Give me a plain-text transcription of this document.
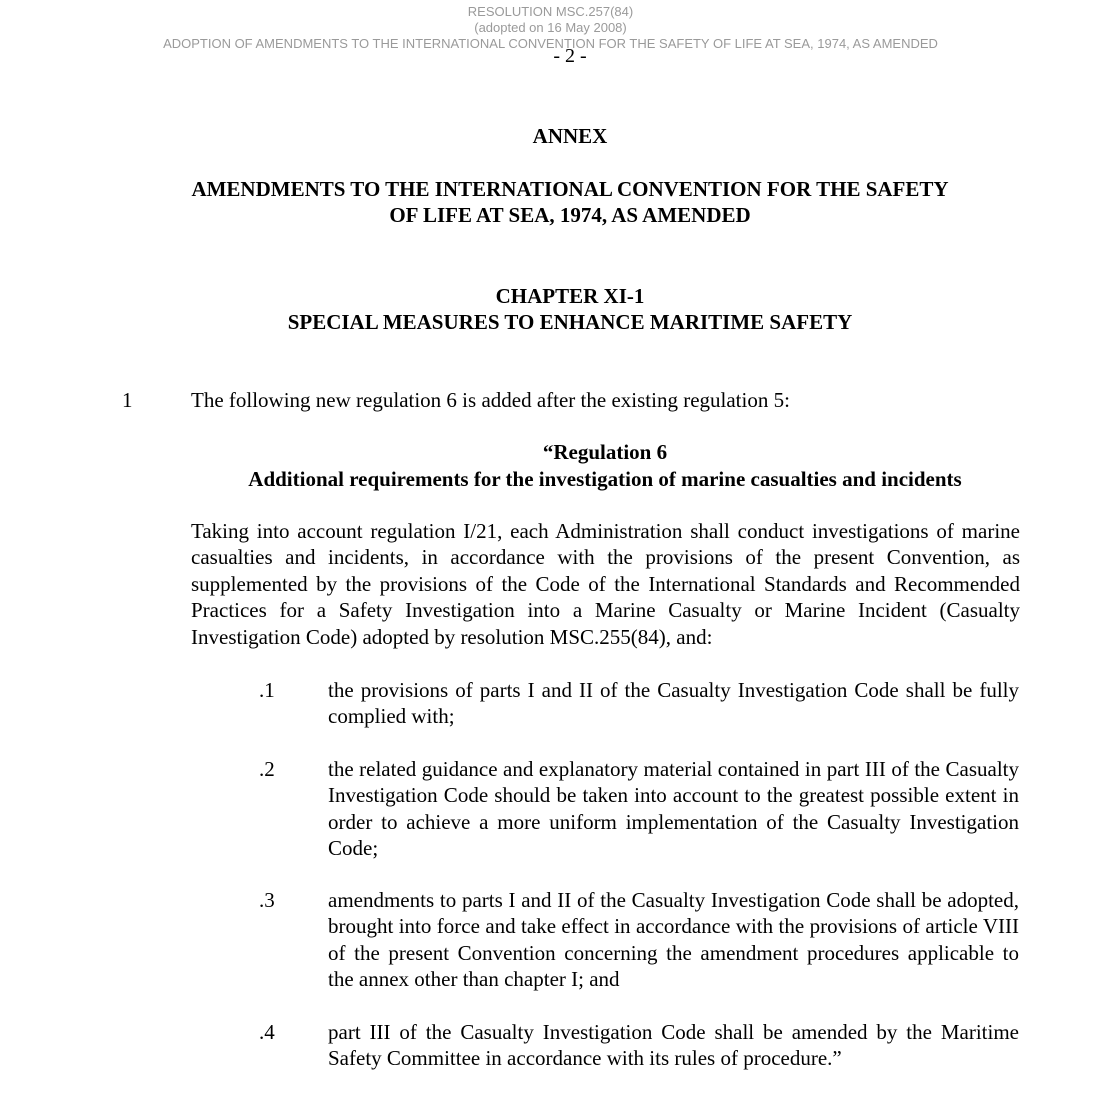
RESOLUTION MSC.257(84)
(adopted on 16 May 2008)
ADOPTION OF AMENDMENTS TO THE INTERNATIONAL CONVENTION FOR THE SAFETY OF LIFE AT SEA, 1974, AS AMENDED
- 2 -
ANNEX
AMENDMENTS TO THE INTERNATIONAL CONVENTION FOR THE SAFETY
OF LIFE AT SEA, 1974, AS AMENDED
CHAPTER XI-1
SPECIAL MEASURES TO ENHANCE MARITIME SAFETY
1	The following new regulation 6 is added after the existing regulation 5:
“Regulation 6
Additional requirements for the investigation of marine casualties and incidents
Taking into account regulation I/21, each Administration shall conduct investigations of marine casualties and incidents, in accordance with the provisions of the present Convention, as supplemented by the provisions of the Code of the International Standards and Recommended Practices for a Safety Investigation into a Marine Casualty or Marine Incident (Casualty Investigation Code) adopted by resolution MSC.255(84), and:
.1	the provisions of parts I and II of the Casualty Investigation Code shall be fully complied with;
.2	the related guidance and explanatory material contained in part III of the Casualty Investigation Code should be taken into account to the greatest possible extent in order to achieve a more uniform implementation of the Casualty Investigation Code;
.3	amendments to parts I and II of the Casualty Investigation Code shall be adopted, brought into force and take effect in accordance with the provisions of article VIII of the present Convention concerning the amendment procedures applicable to the annex other than chapter I; and
.4	part III of the Casualty Investigation Code shall be amended by the Maritime Safety Committee in accordance with its rules of procedure.”
